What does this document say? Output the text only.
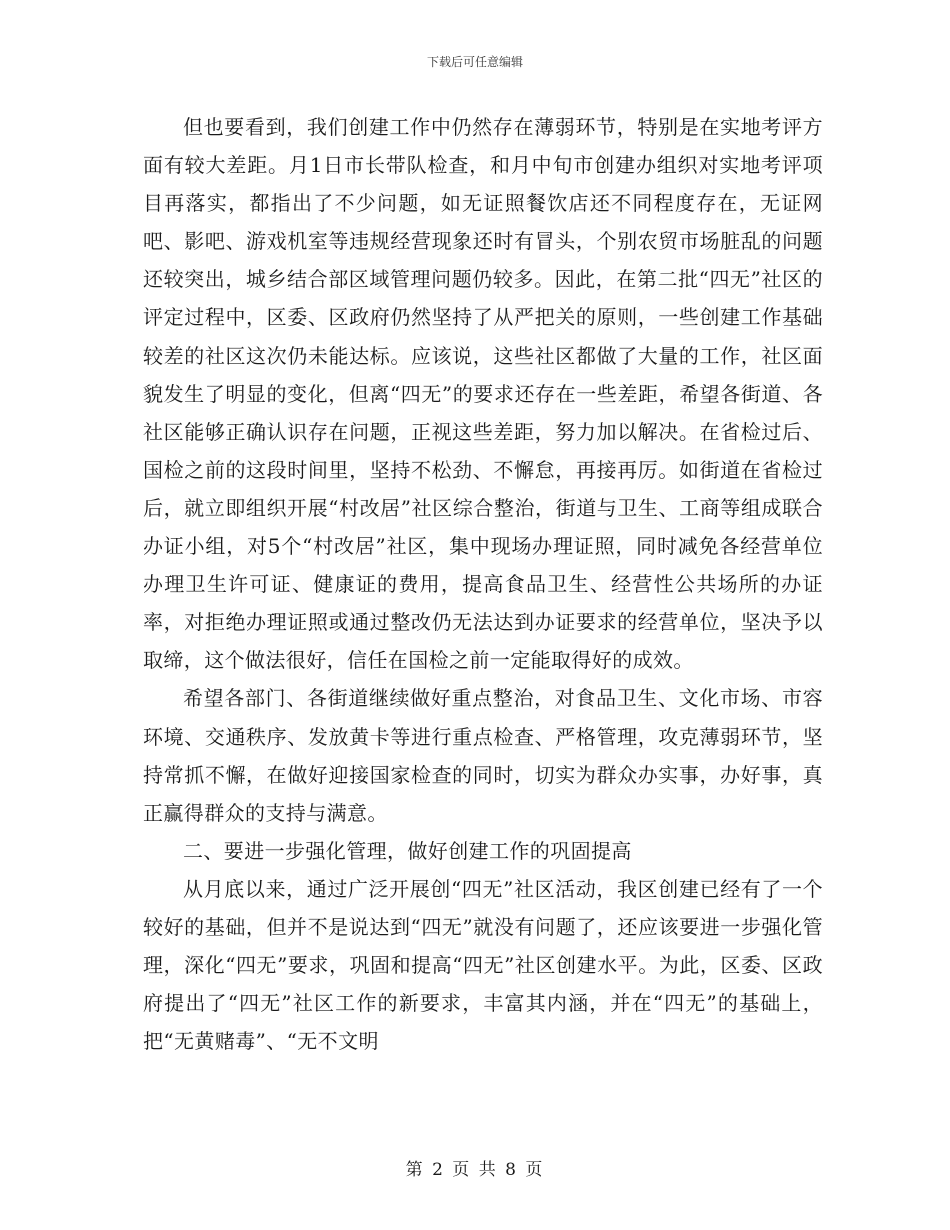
下载后可任意编辑

但也要看到，我们创建工作中仍然存在薄弱环节，特别是在实地考评方面有较大差距。月1日市长带队检查，和月中旬市创建办组织对实地考评项目再落实，都指出了不少问题，如无证照餐饮店还不同程度存在，无证网吧、影吧、游戏机室等违规经营现象还时有冒头，个别农贸市场脏乱的问题还较突出，城乡结合部区域管理问题仍较多。因此，在第二批“四无”社区的评定过程中，区委、区政府仍然坚持了从严把关的原则，一些创建工作基础较差的社区这次仍未能达标。应该说，这些社区都做了大量的工作，社区面貌发生了明显的变化，但离“四无”的要求还存在一些差距，希望各街道、各社区能够正确认识存在问题，正视这些差距，努力加以解决。在省检过后、国检之前的这段时间里，坚持不松劲、不懈怠，再接再厉。如街道在省检过后，就立即组织开展“村改居”社区综合整治，街道与卫生、工商等组成联合办证小组，对5个“村改居”社区，集中现场办理证照，同时减免各经营单位办理卫生许可证、健康证的费用，提高食品卫生、经营性公共场所的办证率，对拒绝办理证照或通过整改仍无法达到办证要求的经营单位，坚决予以取缔，这个做法很好，信任在国检之前一定能取得好的成效。

希望各部门、各街道继续做好重点整治，对食品卫生、文化市场、市容环境、交通秩序、发放黄卡等进行重点检查、严格管理，攻克薄弱环节，坚持常抓不懈，在做好迎接国家检查的同时，切实为群众办实事，办好事，真正赢得群众的支持与满意。

二、要进一步强化管理，做好创建工作的巩固提高

从月底以来，通过广泛开展创“四无”社区活动，我区创建已经有了一个较好的基础，但并不是说达到“四无”就没有问题了，还应该要进一步强化管理，深化“四无”要求，巩固和提高“四无”社区创建水平。为此，区委、区政府提出了“四无”社区工作的新要求，丰富其内涵，并在“四无”的基础上，把“无黄赌毒”、“无不文明

第 2 页 共 8 页
